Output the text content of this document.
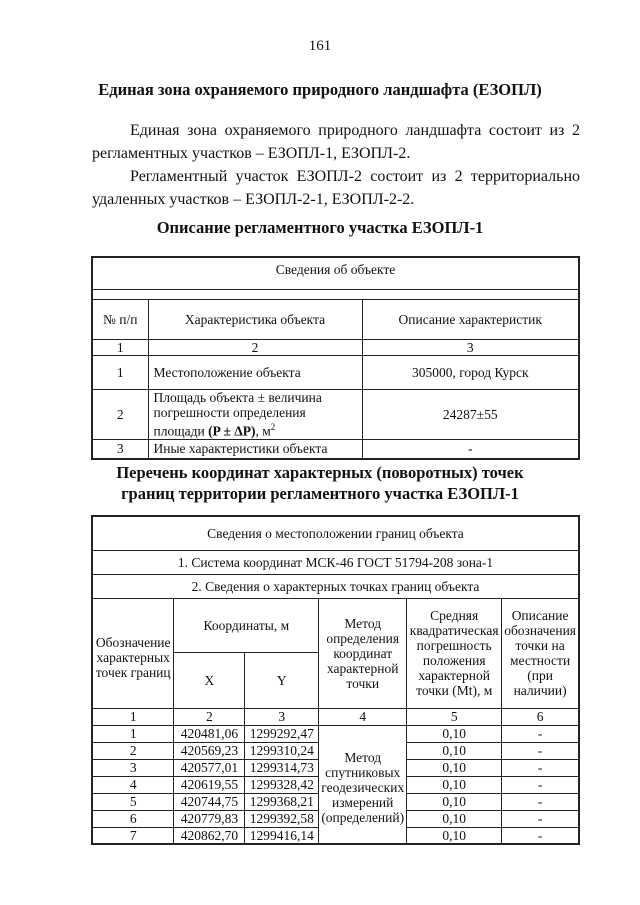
161
Единая зона охраняемого природного ландшафта (ЕЗОПЛ)
Единая зона охраняемого природного ландшафта состоит из 2 регламентных участков – ЕЗОПЛ-1, ЕЗОПЛ-2.
Регламентный участок ЕЗОПЛ-2 состоит из 2 территориально удаленных участков – ЕЗОПЛ-2-1, ЕЗОПЛ-2-2.
Описание регламентного участка ЕЗОПЛ-1
Сведения об объекте		

№ п/п	Характеристика объекта	Описание характеристик
1	2	3
1	Местоположение объекта	305000, город Курск
2	Площадь объекта ± величина
погрешности определения
площади (P ± ΔP), $м^2$	24287±55
3	Иные характеристики объекта	-
Перечень координат характерных (поворотных) точек
границ территории регламентного участка ЕЗОПЛ-1
Сведения о местоположении границ объекта					
1. Система координат МСК-46 ГОСТ 51794-208 зона-1					
2. Сведения о характерных точках границ объекта					
Обозначение характерных точек границ	Координаты, м		Метод определения координат характерной точки	Средняя квадратическая погрешность положения характерной точки (Mt), м	Описание обозначения точки на местности (при наличии)
	X	Y			
1	2	3	4	5	6
1	420481,06	1299292,47	Метод спутниковых геодезических измерений (определений)	0,10	-
2	420569,23	1299310,24		0,10	-
3	420577,01	1299314,73		0,10	-
4	420619,55	1299328,42		0,10	-
5	420744,75	1299368,21		0,10	-
6	420779,83	1299392,58		0,10	-
7	420862,70	1299416,14		0,10	-
